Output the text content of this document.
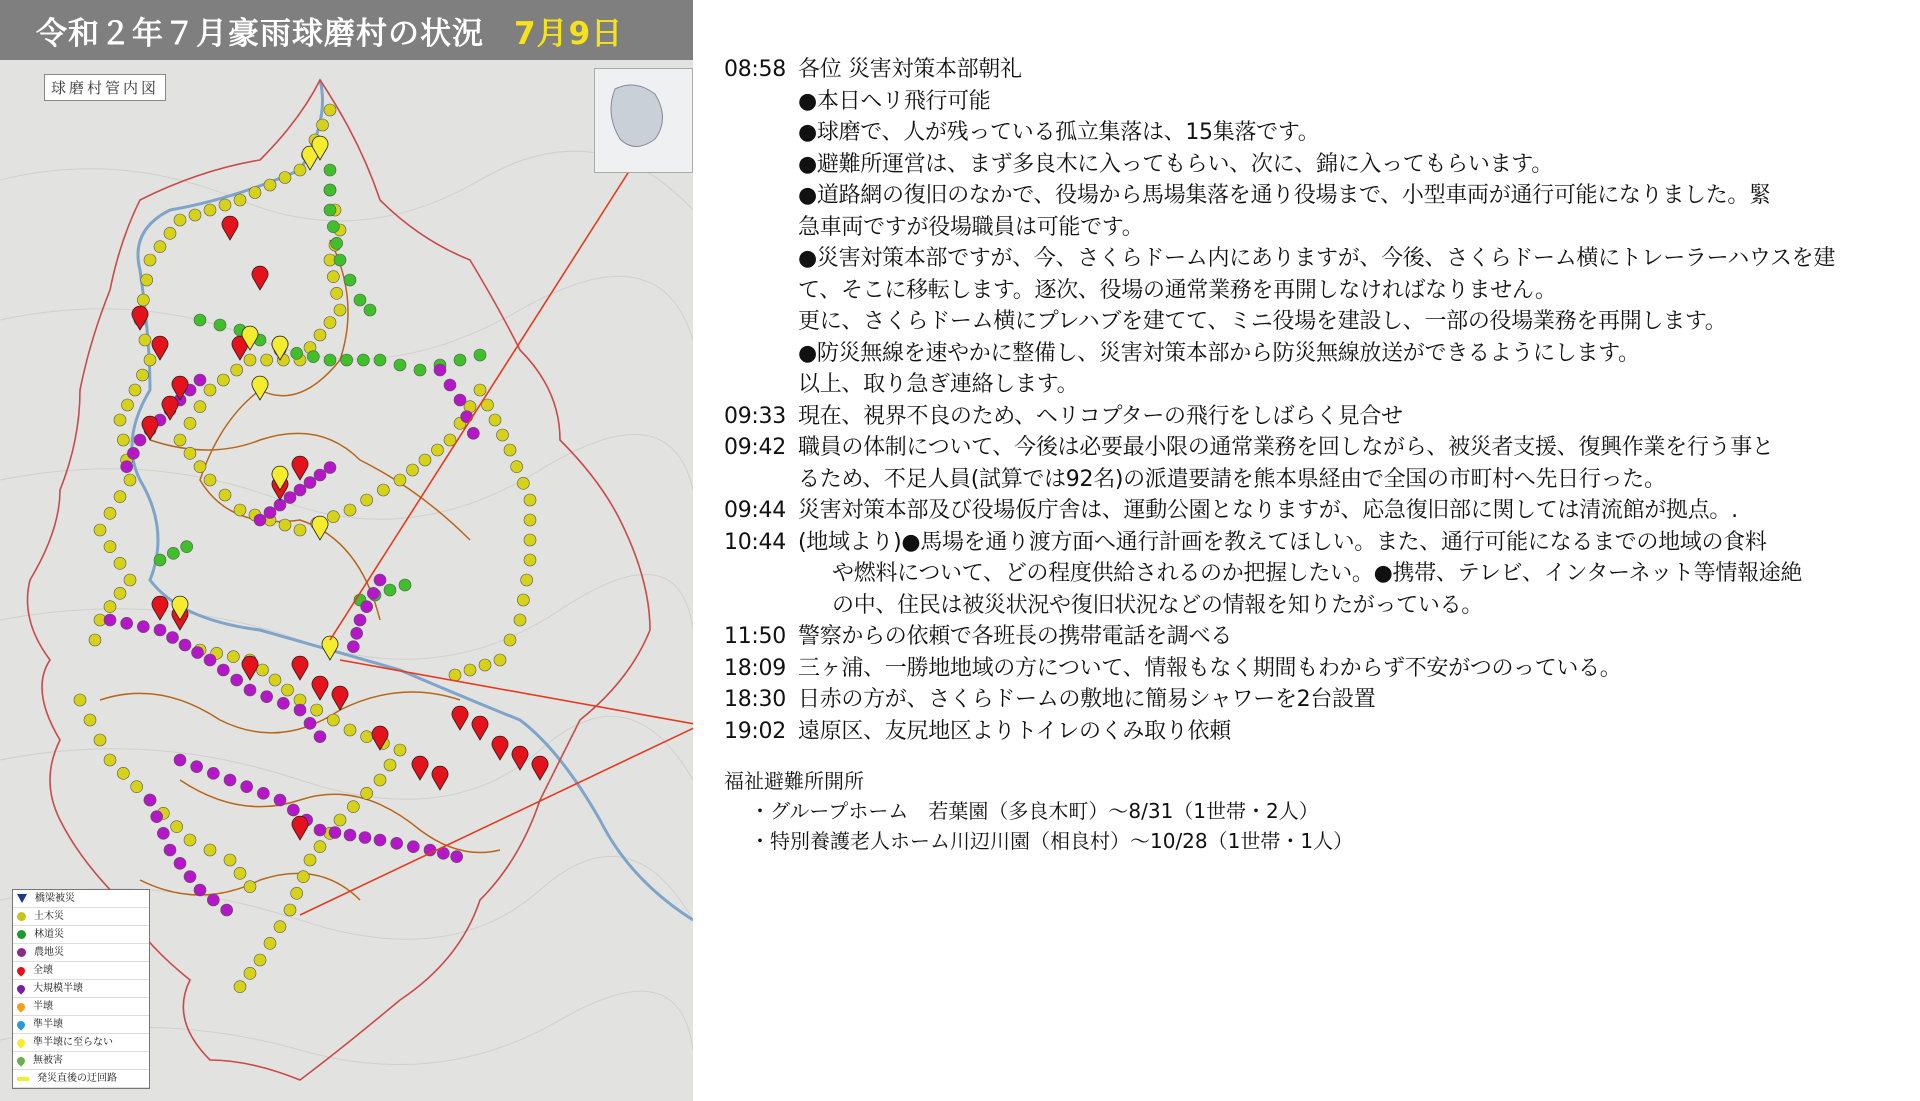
令和２年７月豪雨球磨村の状況 7月9日
球磨村管内図
橋梁被災
土木災
林道災
農地災
全壊
大規模半壊
半壊
準半壊
準半壊に至らない
無被害
発災直後の迂回路
08:58 各位 災害対策本部朝礼
●本日ヘリ飛行可能
●球磨で、人が残っている孤立集落は、15集落です。
●避難所運営は、まず多良木に入ってもらい、次に、錦に入ってもらいます。
●道路網の復旧のなかで、役場から馬場集落を通り役場まで、小型車両が通行可能になりました。緊
急車両ですが役場職員は可能です。
●災害対策本部ですが、今、さくらドーム内にありますが、今後、さくらドーム横にトレーラーハウスを建
て、そこに移転します。逐次、役場の通常業務を再開しなければなりません。
更に、さくらドーム横にプレハブを建てて、ミニ役場を建設し、一部の役場業務を再開します。
●防災無線を速やかに整備し、災害対策本部から防災無線放送ができるようにします。
以上、取り急ぎ連絡します。
09:33 現在、視界不良のため、ヘリコプターの飛行をしばらく見合せ
09:42 職員の体制について、今後は必要最小限の通常業務を回しながら、被災者支援、復興作業を行う事と
るため、不足人員(試算では92名)の派遣要請を熊本県経由で全国の市町村へ先日行った。
09:44 災害対策本部及び役場仮庁舎は、運動公園となりますが、応急復旧部に関しては清流館が拠点。.
10:44 (地域より)●馬場を通り渡方面へ通行計画を教えてほしい。また、通行可能になるまでの地域の食料
や燃料について、どの程度供給されるのか把握したい。●携帯、テレビ、インターネット等情報途絶
の中、住民は被災状況や復旧状況などの情報を知りたがっている。
11:50 警察からの依頼で各班長の携帯電話を調べる
18:09 三ヶ浦、一勝地地域の方について、情報もなく期間もわからず不安がつのっている。
18:30 日赤の方が、さくらドームの敷地に簡易シャワーを2台設置
19:02 遠原区、友尻地区よりトイレのくみ取り依頼
福祉避難所開所
・グループホーム　若葉園（多良木町）〜8/31（1世帯・2人）
・特別養護老人ホーム川辺川園（相良村）〜10/28（1世帯・1人）
